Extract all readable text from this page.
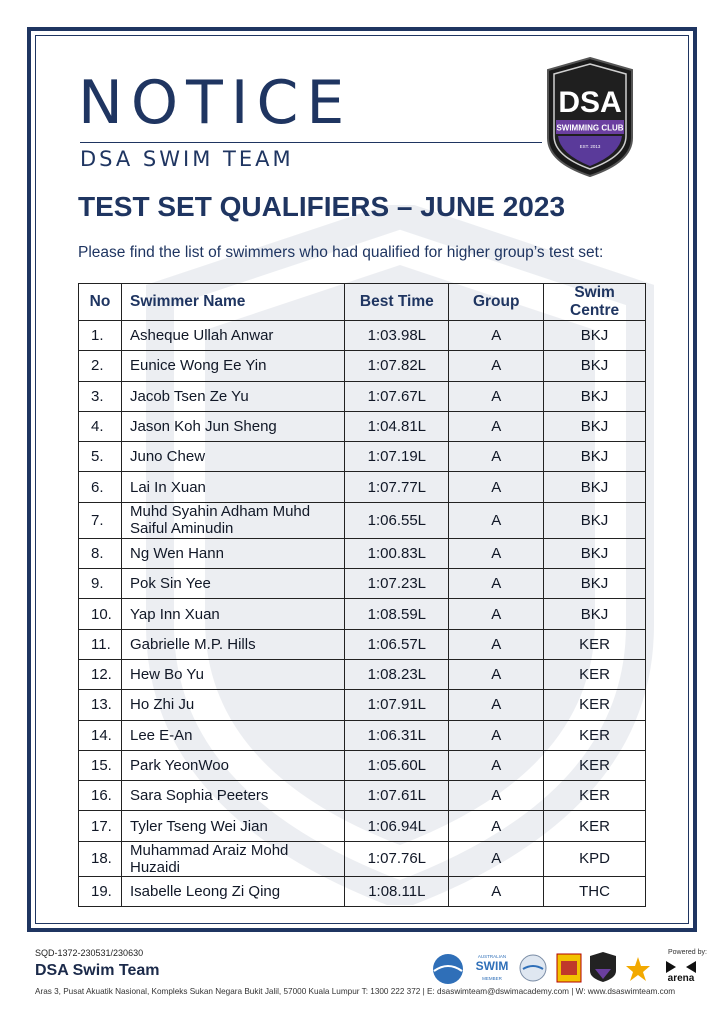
NOTICE
DSA SWIM TEAM
DSA
SWIMMING CLUB
EST. 2013
TEST SET QUALIFIERS – JUNE 2023

Please find the list of swimmers who had qualified for higher group’s test set:

No	Swimmer Name	Best Time	Group	Swim Centre
1.	Asheque Ullah Anwar	1:03.98L	A	BKJ
2.	Eunice Wong Ee Yin	1:07.82L	A	BKJ
3.	Jacob Tsen Ze Yu	1:07.67L	A	BKJ
4.	Jason Koh Jun Sheng	1:04.81L	A	BKJ
5.	Juno Chew	1:07.19L	A	BKJ
6.	Lai In Xuan	1:07.77L	A	BKJ
7.	Muhd Syahin Adham Muhd Saiful Aminudin	1:06.55L	A	BKJ
8.	Ng Wen Hann	1:00.83L	A	BKJ
9.	Pok Sin Yee	1:07.23L	A	BKJ
10.	Yap Inn Xuan	1:08.59L	A	BKJ
11.	Gabrielle M.P. Hills	1:06.57L	A	KER
12.	Hew Bo Yu	1:08.23L	A	KER
13.	Ho Zhi Ju	1:07.91L	A	KER
14.	Lee E-An	1:06.31L	A	KER
15.	Park YeonWoo	1:05.60L	A	KER
16.	Sara Sophia Peeters	1:07.61L	A	KER
17.	Tyler Tseng Wei Jian	1:06.94L	A	KER
18.	Muhammad Araiz Mohd Huzaidi	1:07.76L	A	KPD
19.	Isabelle Leong Zi Qing	1:08.11L	A	THC
SQD-1372-230531/230630
DSA Swim Team
Aras 3, Pusat Akuatik Nasional, Kompleks Sukan Negara Bukit Jalil, 57000 Kuala Lumpur T: 1300 222 372 | E: dsaswimteam@dswimacademy.com | W: www.dsaswimteam.com
AUSTRALIAN
SWIM
MEMBER	arena
Powered by:
